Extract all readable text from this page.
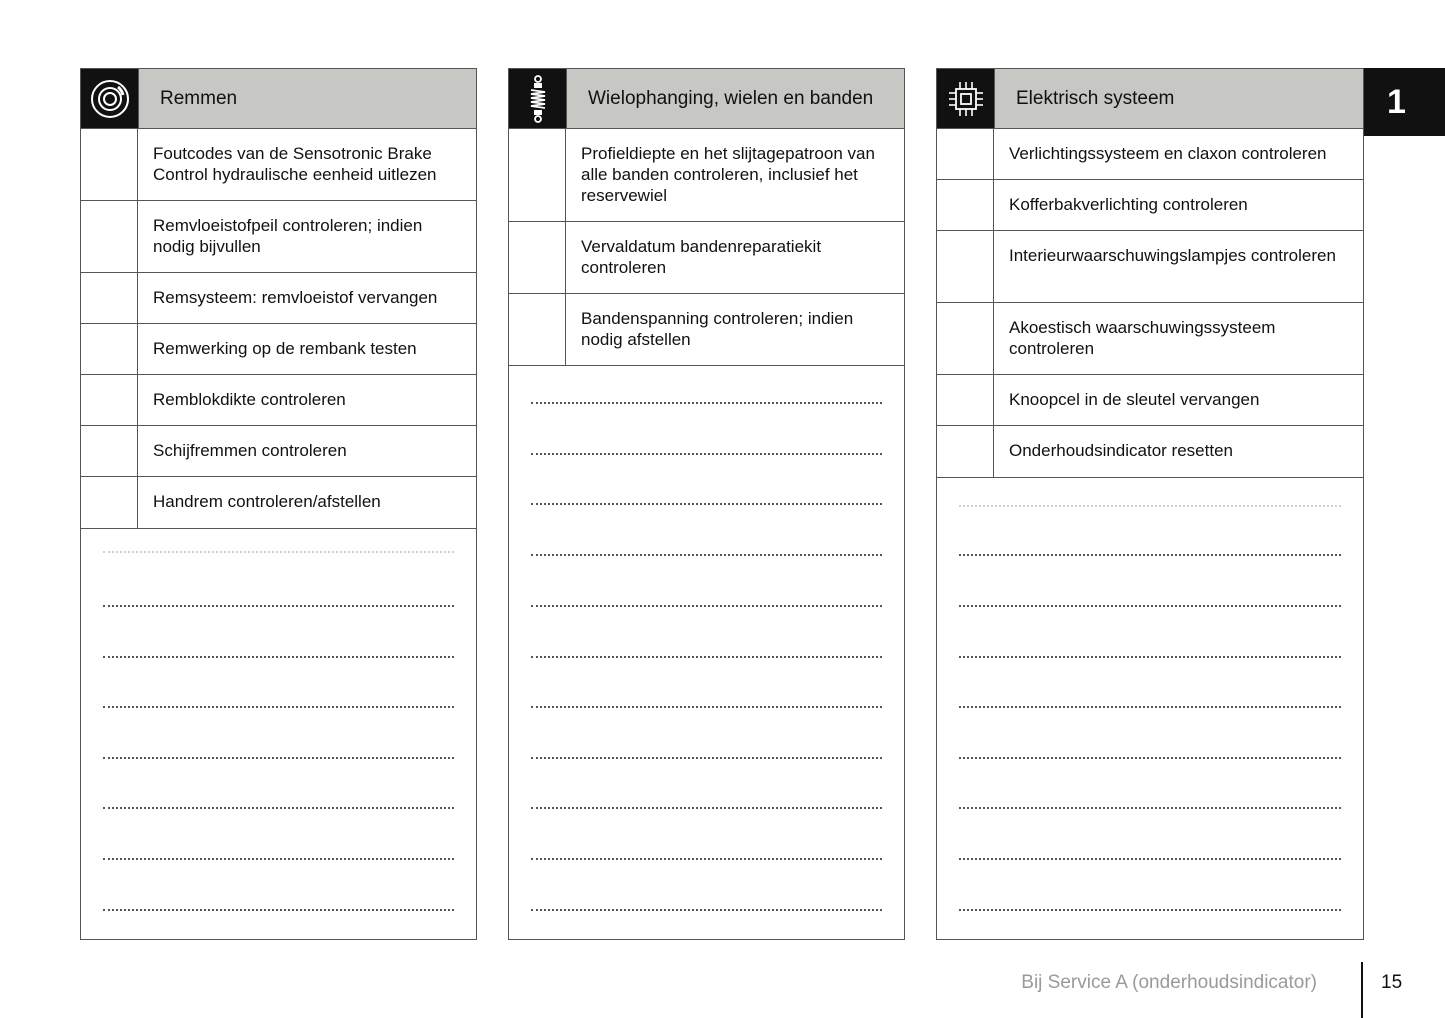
Remmen
Foutcodes van de Sensotronic Brake Control hydraulische eenheid uitlezen
Remvloeistofpeil controleren; indien nodig bijvullen
Remsysteem: remvloeistof vervangen
Remwerking op de rembank testen
Remblokdikte controleren
Schijfremmen controleren
Handrem controleren/afstellen
Wielophanging, wielen en banden
Profieldiepte en het slijtagepatroon van alle banden controleren, inclusief het reservewiel
Vervaldatum bandenreparatiekit controleren
Bandenspanning controleren; indien nodig afstellen
Elektrisch systeem
Verlichtingssysteem en claxon controleren
Kofferbakverlichting controleren
Interieurwaarschuwingslampjes controleren
Akoestisch waarschuwingssysteem controleren
Knoopcel in de sleutel vervangen
Onderhoudsindicator resetten
1
Bij Service A (onderhoudsindicator)	15
